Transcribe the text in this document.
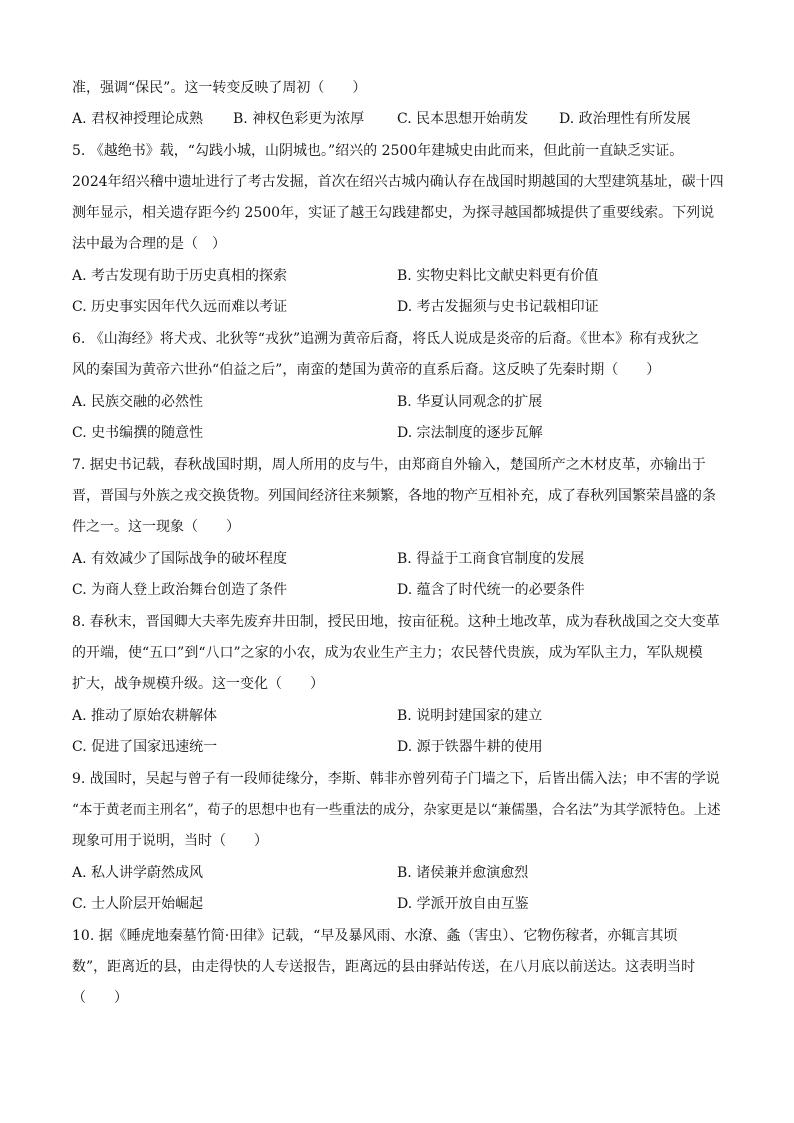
准，强调“保民”。这一转变反映了周初（　　）
A. 君权神授理论成熟 B. 神权色彩更为浓厚 C. 民本思想开始萌发 D. 政治理性有所发展
5. 《越绝书》载，“勾践小城，山阴城也。”绍兴的 2500年建城史由此而来，但此前一直缺乏实证。
2024年绍兴稽中遗址进行了考古发掘，首次在绍兴古城内确认存在战国时期越国的大型建筑基址，碳十四
测年显示，相关遗存距今约 2500年，实证了越王勾践建都史，为探寻越国都城提供了重要线索。下列说
法中最为合理的是（　）
A. 考古发现有助于历史真相的探索	B. 实物史料比文献史料更有价值
C. 历史事实因年代久远而难以考证	D. 考古发掘须与史书记载相印证
6. 《山海经》将犬戎、北狄等“戎狄”追溯为黄帝后裔，将氐人说成是炎帝的后裔。《世本》称有戎狄之
风的秦国为黄帝六世孙“伯益之后”，南蛮的楚国为黄帝的直系后裔。这反映了先秦时期（　　）
A. 民族交融的必然性	B. 华夏认同观念的扩展
C. 史书编撰的随意性	D. 宗法制度的逐步瓦解
7. 据史书记载，春秋战国时期，周人所用的皮与牛，由郑商自外输入，楚国所产之木材皮革，亦输出于
晋，晋国与外族之戎交换货物。列国间经济往来频繁，各地的物产互相补充，成了春秋列国繁荣昌盛的条
件之一。这一现象（　　）
A. 有效减少了国际战争的破坏程度	B. 得益于工商食官制度的发展
C. 为商人登上政治舞台创造了条件	D. 蕴含了时代统一的必要条件
8. 春秋末，晋国卿大夫率先废弃井田制，授民田地，按亩征税。这种土地改革，成为春秋战国之交大变革
的开端，使“五口”到“八口”之家的小农，成为农业生产主力；农民替代贵族，成为军队主力，军队规模
扩大，战争规模升级。这一变化（　　）
A. 推动了原始农耕解体	B. 说明封建国家的建立
C. 促进了国家迅速统一	D. 源于铁器牛耕的使用
9. 战国时，吴起与曾子有一段师徒缘分，李斯、韩非亦曾列荀子门墙之下，后皆出儒入法；申不害的学说
“本于黄老而主刑名”，荀子的思想中也有一些重法的成分，杂家更是以“兼儒墨，合名法”为其学派特色。上述
现象可用于说明，当时（　　）
A. 私人讲学蔚然成风	B. 诸侯兼并愈演愈烈
C. 士人阶层开始崛起	D. 学派开放自由互鉴
10. 据《睡虎地秦墓竹简·田律》记载，“早及暴风雨、水潦、螽（害虫）、它物伤稼者，亦辄言其顷
数”，距离近的县，由走得快的人专送报告，距离远的县由驿站传送，在八月底以前送达。这表明当时
（　　）
